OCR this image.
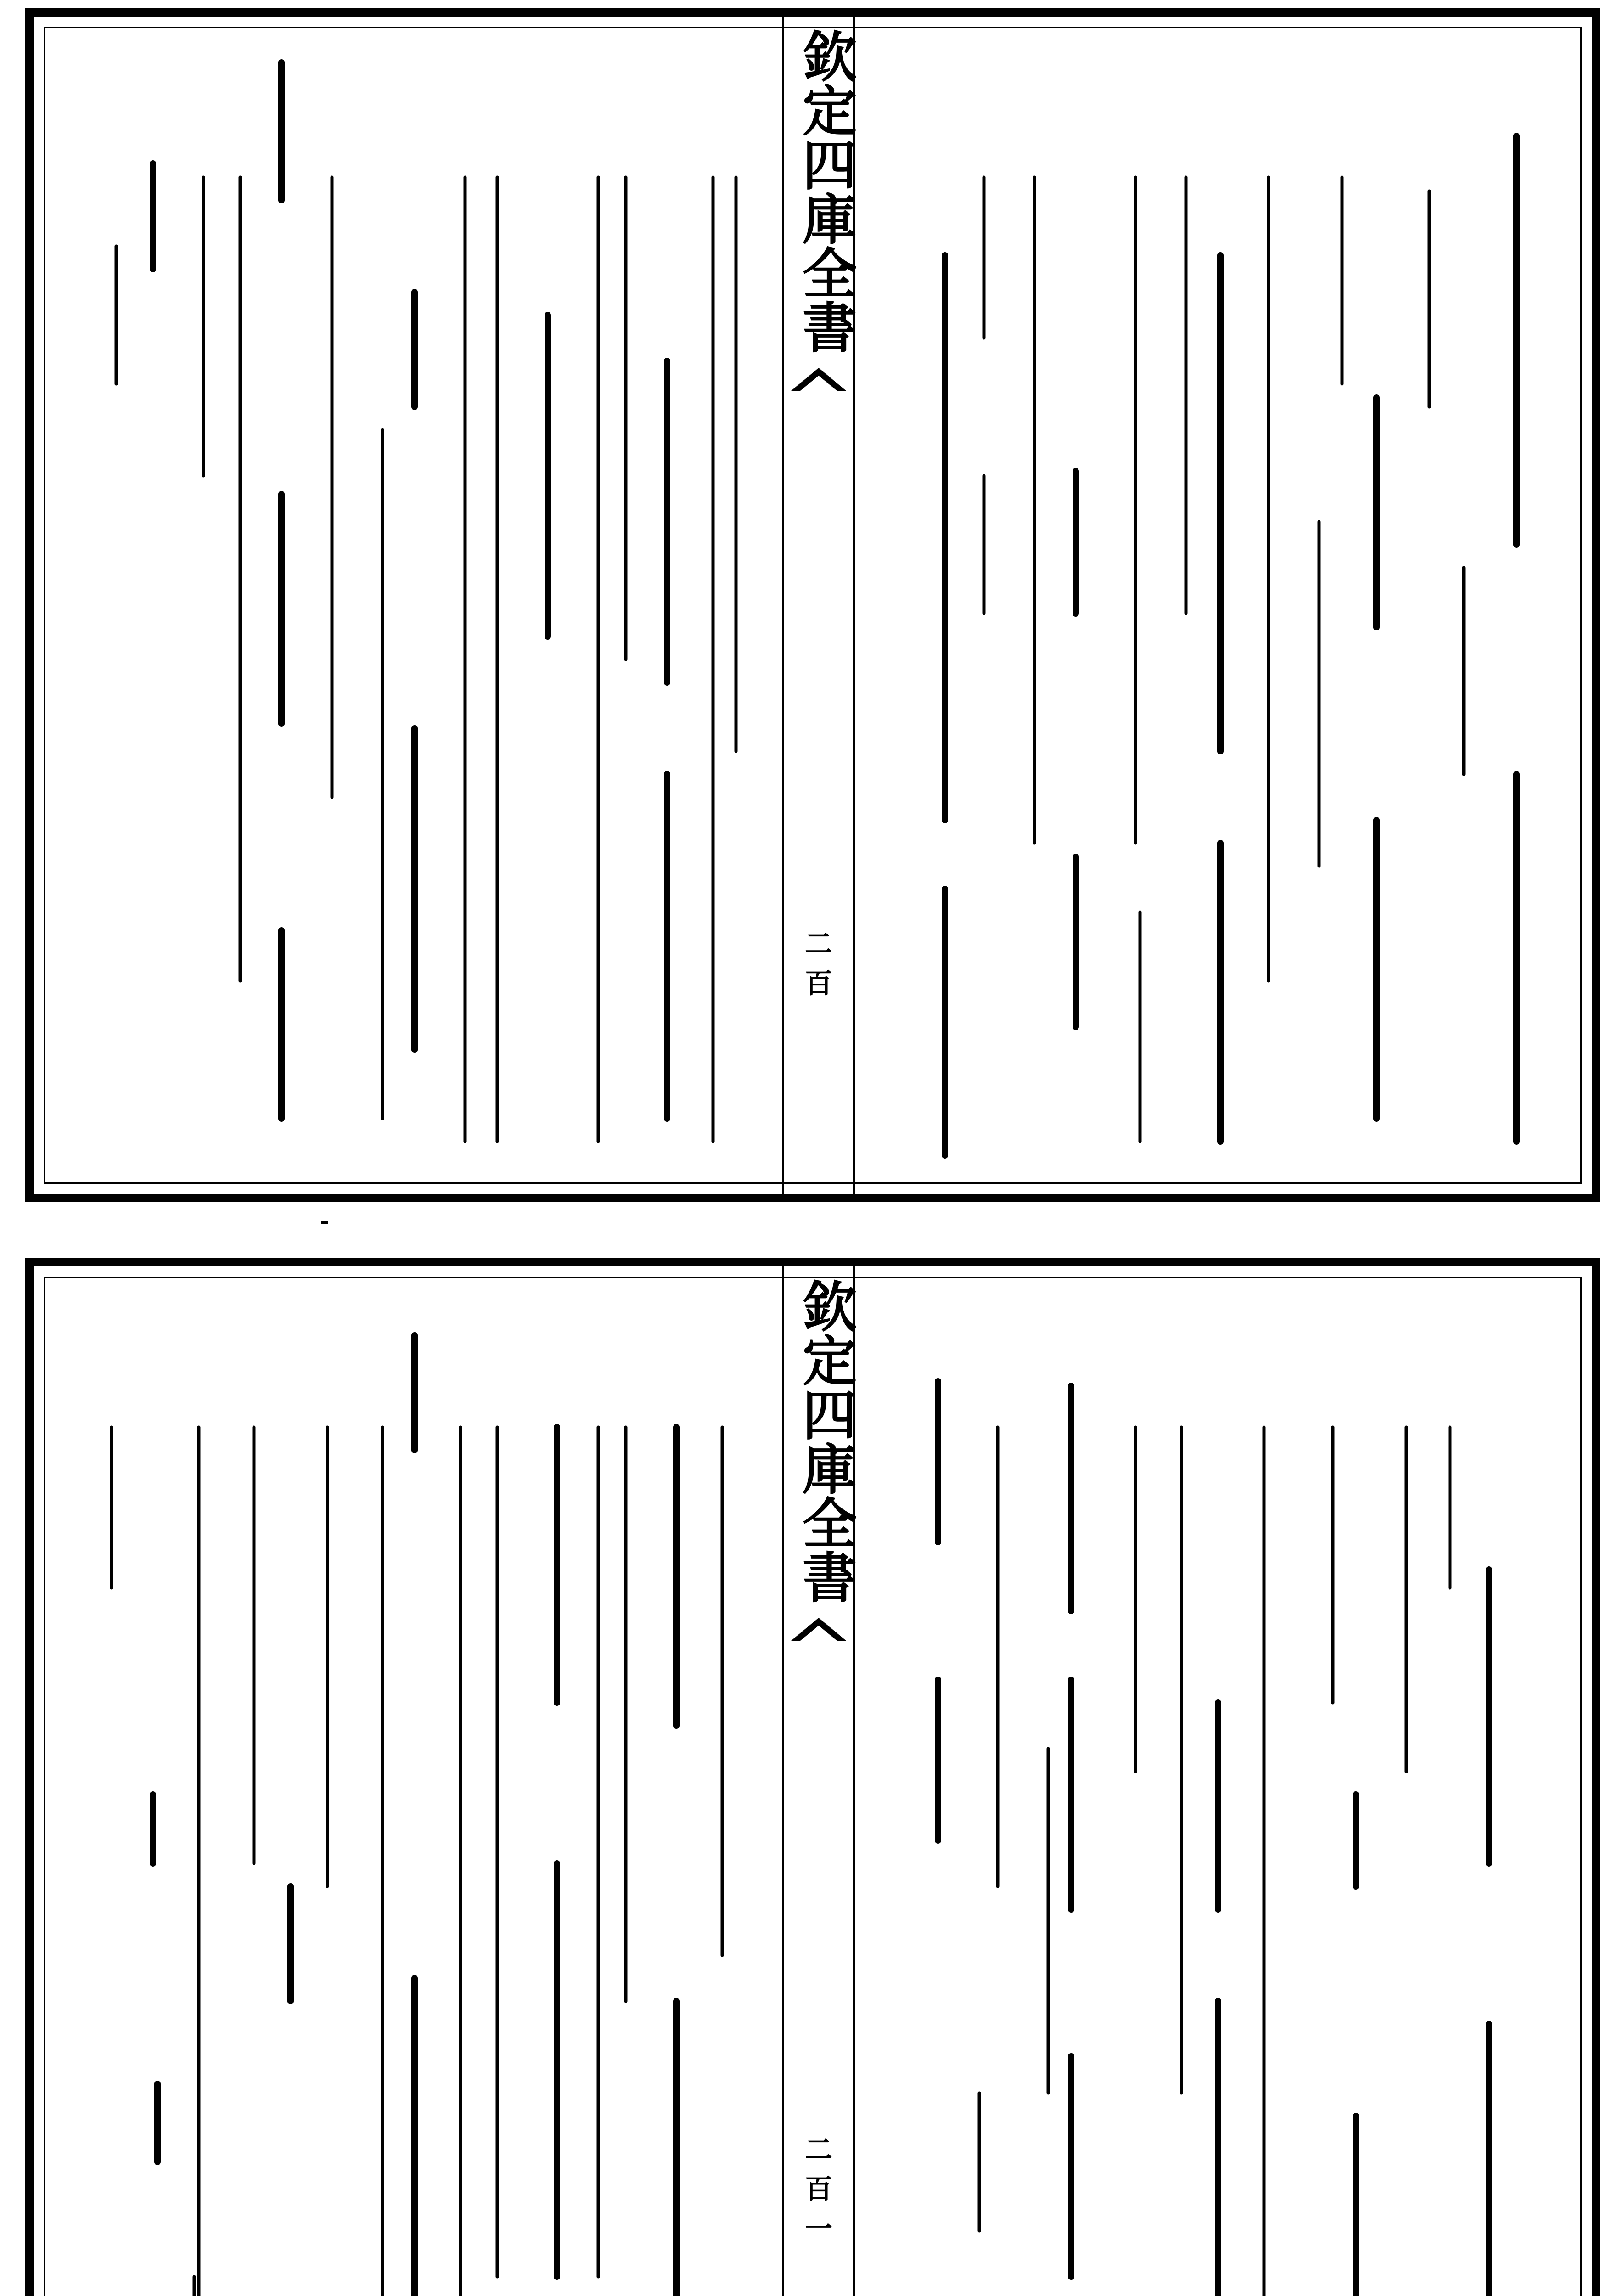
欽定四庫全書
二百
欽定四庫全書
二百一
